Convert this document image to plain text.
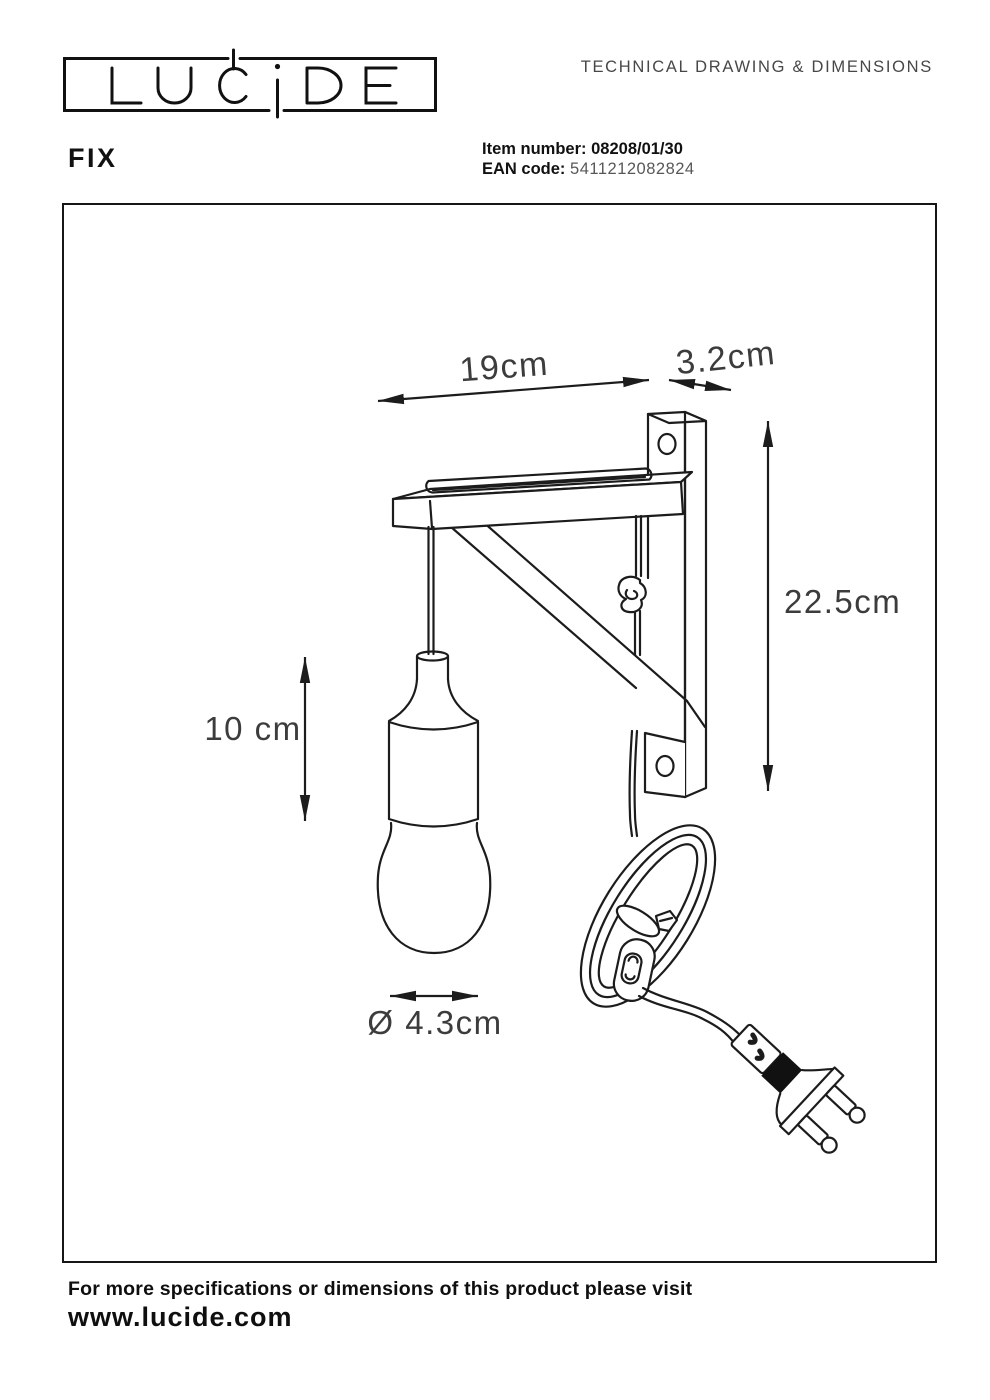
TECHNICAL DRAWING & DIMENSIONS
FIX	Item number: 08208/01/30
EAN code: 5411212082824
19cm	3.2cm
22.5cm
10 cm
Ø 4.3cm
For more specifications or dimensions of this product please visit
www.lucide.com
